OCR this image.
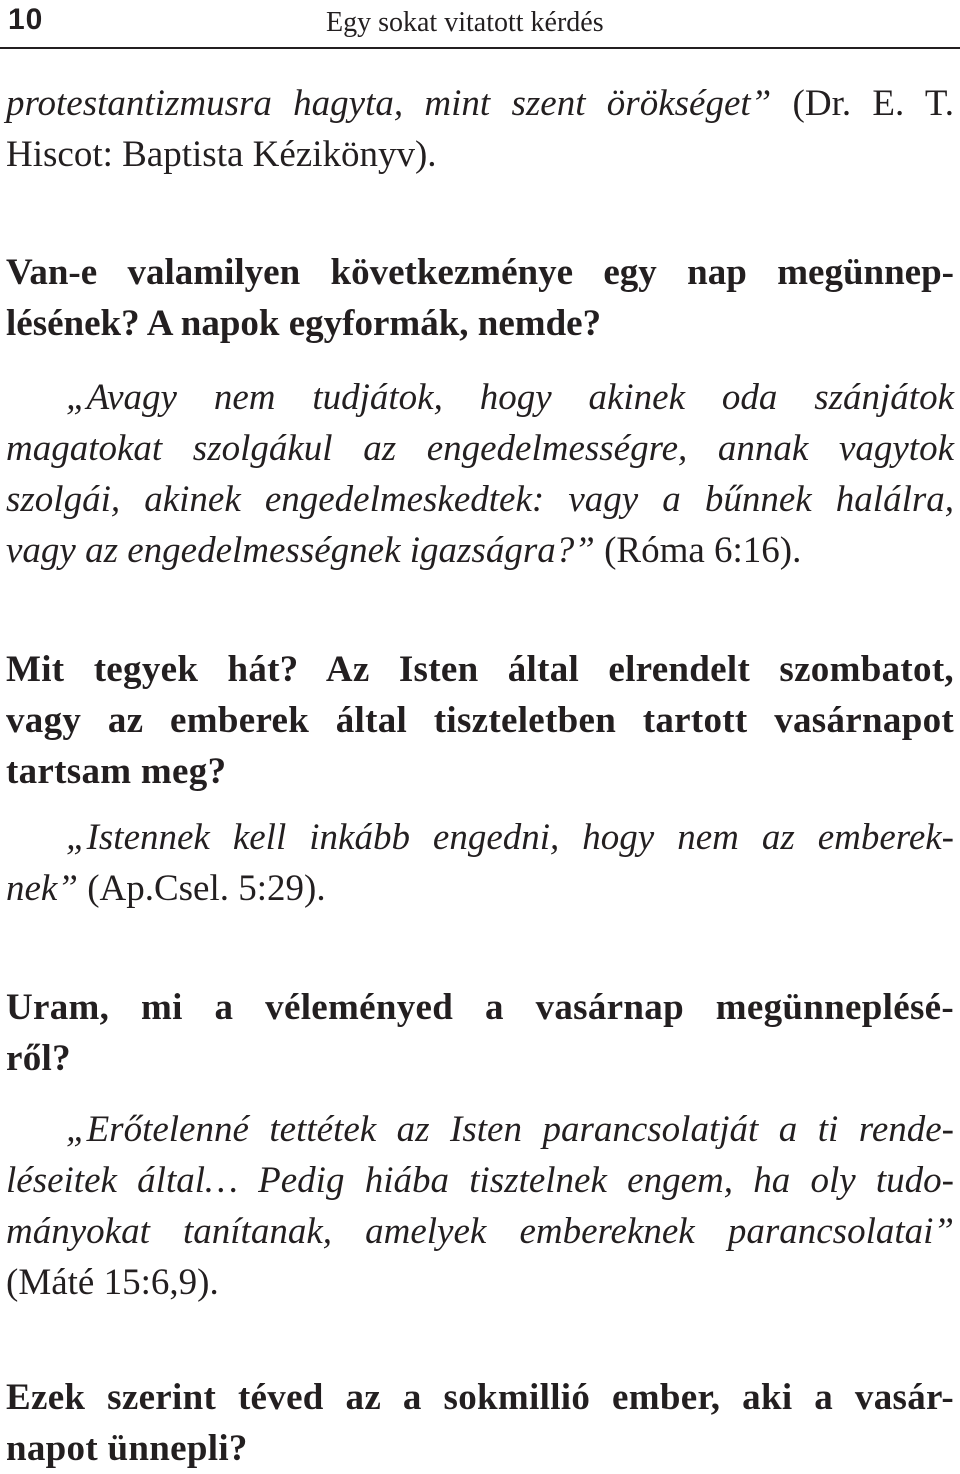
10	Egy sokat vitatott kérdés

protestantizmusra hagyta, mint szent örökséget” (Dr. E. T.
Hiscot: Baptista Kézikönyv).

Van-e valamilyen következménye egy nap megünnep-
lésének? A napok egyformák, nemde?

„Avagy nem tudjátok, hogy akinek oda szánjátok
magatokat szolgákul az engedelmességre, annak vagytok
szolgái, akinek engedelmeskedtek: vagy a bűnnek halálra,
vagy az engedelmességnek igazságra?” (Róma 6:16).

Mit tegyek hát? Az Isten által elrendelt szombatot,
vagy az emberek által tiszteletben tartott vasárnapot
tartsam meg?

„Istennek kell inkább engedni, hogy nem az emberek-
nek” (Ap.Csel. 5:29).

Uram, mi a véleményed a vasárnap megünneplésé-
ről?

„Erőtelenné tettétek az Isten parancsolatját a ti rende-
léseitek által… Pedig hiába tisztelnek engem, ha oly tudo-
mányokat tanítanak, amelyek embereknek parancsolatai”
(Máté 15:6,9).

Ezek szerint téved az a sokmillió ember, aki a vasár-
napot ünnepli?
